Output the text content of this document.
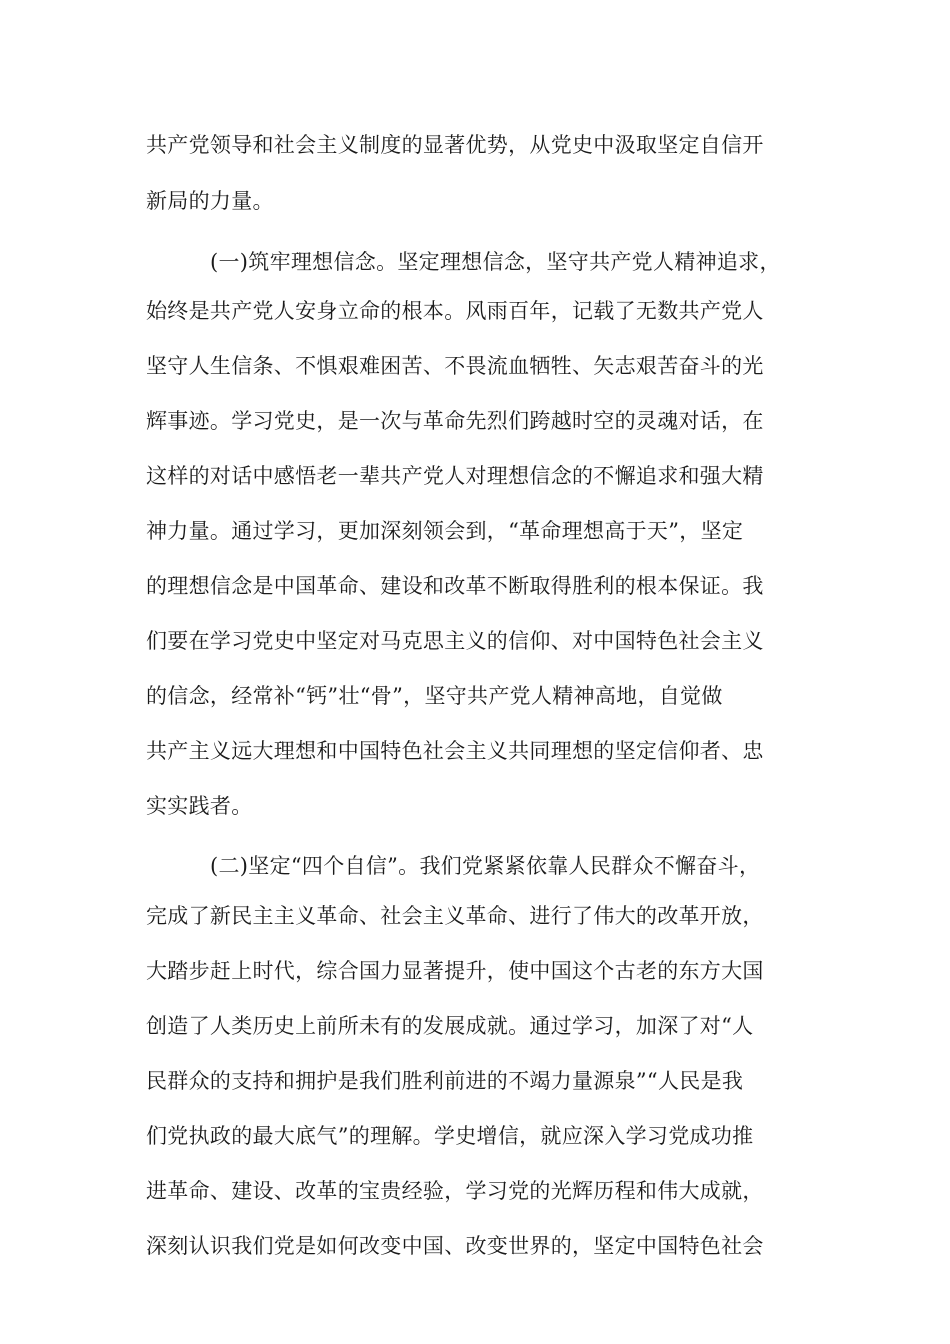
共产党领导和社会主义制度的显著优势，从党史中汲取坚定自信开
新局的力量。
(一)筑牢理想信念。坚定理想信念，坚守共产党人精神追求，
始终是共产党人安身立命的根本。风雨百年，记载了无数共产党人
坚守人生信条、不惧艰难困苦、不畏流血牺牲、矢志艰苦奋斗的光
辉事迹。学习党史，是一次与革命先烈们跨越时空的灵魂对话，在
这样的对话中感悟老一辈共产党人对理想信念的不懈追求和强大精
神力量。通过学习，更加深刻领会到，“革命理想高于天”，坚定
的理想信念是中国革命、建设和改革不断取得胜利的根本保证。我
们要在学习党史中坚定对马克思主义的信仰、对中国特色社会主义
的信念，经常补“钙”壮“骨”，坚守共产党人精神高地，自觉做
共产主义远大理想和中国特色社会主义共同理想的坚定信仰者、忠
实实践者。
(二)坚定“四个自信”。我们党紧紧依靠人民群众不懈奋斗，
完成了新民主主义革命、社会主义革命、进行了伟大的改革开放，
大踏步赶上时代，综合国力显著提升，使中国这个古老的东方大国
创造了人类历史上前所未有的发展成就。通过学习，加深了对“人
民群众的支持和拥护是我们胜利前进的不竭力量源泉”“人民是我
们党执政的最大底气”的理解。学史增信，就应深入学习党成功推
进革命、建设、改革的宝贵经验，学习党的光辉历程和伟大成就，
深刻认识我们党是如何改变中国、改变世界的，坚定中国特色社会
